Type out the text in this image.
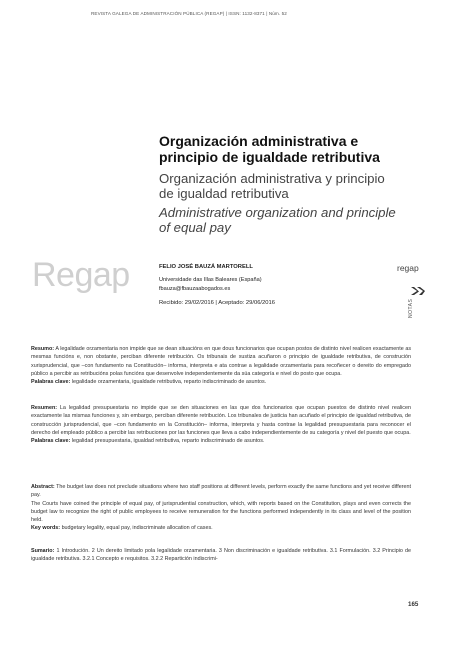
REVISTA GALEGA DE ADMINISTRACIÓN PÚBLICA (REGAP) | ISSN: 1132-8371 | Núm. 52
Organización administrativa e principio de igualdade retributiva
Organización administrativa y principio de igualdad retributiva
Administrative organization and principle of equal pay
Regap	FELIO JOSÉ BAUZÁ MARTORELL
Universidade das Illas Baleares (España)
fbauza@fbauzaabogados.es
Recibido: 29/02/2016 | Aceptado: 29/06/2016
regap
NOTAS

Resumo: A legalidade orzamentaria non impide que se dean situacións en que dous funcionarios que ocupan postos de distinto nivel realicen exactamente as mesmas funcións e, non obstante, perciban diferente retribución. Os tribunais de xustiza acuñaron o principio de igualdade retributiva, de construción xurisprudencial, que –con fundamento na Constitución– informa, interpreta e ata contrae a legalidade orzamentaria para recoñecer o dereito do empregado público a percibir as retribucións polas funcións que desenvolve independentemente da súa categoría e nivel do posto que ocupa.

Palabras clave: legalidade orzamentaria, igualdade retributiva, reparto indiscriminado de asuntos.

Resumen: La legalidad presupuestaria no impide que se den situaciones en las que dos funcionarios que ocupan puestos de distinto nivel realicen exactamente las mismas funciones y, sin embargo, perciban diferente retribución. Los tribunales de justicia han acuñado el principio de igualdad retributiva, de construcción jurisprudencial, que –con fundamento en la Constitución– informa, interpreta y hasta contrae la legalidad presupuestaria para reconocer el derecho del empleado público a percibir las retribuciones por las funciones que lleva a cabo independientemente de su categoría y nivel del puesto que ocupa.

Palabras clave: legalidad presupuestaria, igualdad retributiva, reparto indiscriminado de asuntos.

Abstract: The budget law does not preclude situations where two staff positions at different levels, perform exactly the same functions and yet receive different pay.

The Courts have coined the principle of equal pay, of jurisprudential construction, which, with reports based on the Constitution, plays and even corrects the budget law to recognize the right of public employees to receive remuneration for the functions performed independently in its class and level of the position held.

Key words: budgetary legality, equal pay, indiscriminate allocation of cases.

Sumario: 1 Introdución. 2 Un dereito limitado pola legalidade orzamentaria. 3 Non discriminación e igualdade retributiva. 3.1 Formulación. 3.2 Principio de igualdade retributiva. 3.2.1 Concepto e requisitos. 3.2.2 Repartición indiscrimi-

165
